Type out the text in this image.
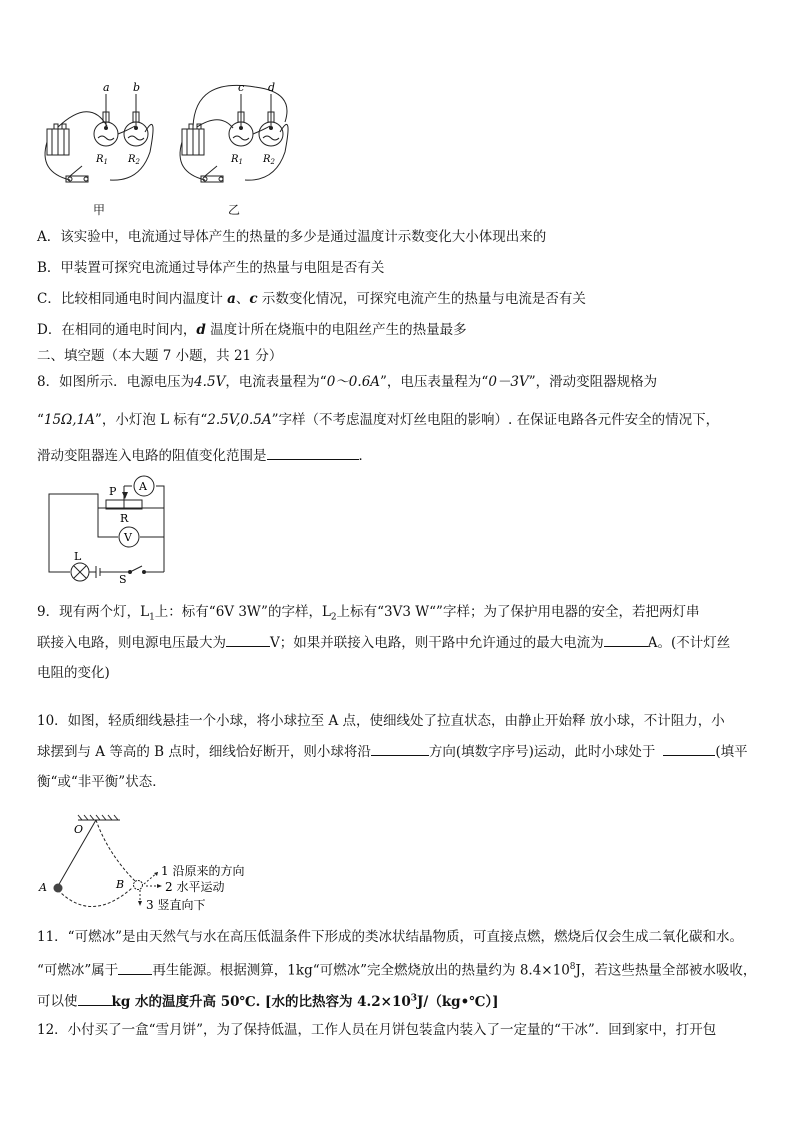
a b
$R_1$ $R_2$
c d
$R_1$ $R_2$
甲	乙
A．该实验中，电流通过导体产生的热量的多少是通过温度计示数变化大小体现出来的
B．甲装置可探究电流通过导体产生的热量与电阻是否有关
C．比较相同通电时间内温度计 a、c 示数变化情况，可探究电流产生的热量与电流是否有关
D．在相同的通电时间内，d 温度计所在烧瓶中的电阻丝产生的热量最多
二、填空题（本大题 7 小题，共 21 分）
8．如图所示．电源电压为4.5V，电流表量程为“0～0.6A”，电压表量程为“0－3V”，滑动变阻器规格为
“15Ω,1A”，小灯泡 L 标有“2.5V,0.5A”字样（不考虑温度对灯丝电阻的影响）. 在保证电路各元件安全的情况下，
滑动变阻器连入电路的阻值变化范围是	．
P
R
A
V
L
S
9．现有两个灯，$L_1$上：标有“6V 3W”的字样，$L_2$上标有“3V3 W“”字样；为了保护用电器的安全，若把两灯串
联接入电路，则电源电压最大为	V；如果并联接入电路，则干路中允许通过的最大电流为	A。(不计灯丝
电阻的变化)
10．如图，轻质细线悬挂一个小球，将小球拉至 A 点，使细线处了拉直状态，由静止开始释 放小球，不计阻力，小
球摆到与 A 等高的 B 点时，细线恰好断开，则小球将沿	方向(填数字序号)运动，此时小球处于	(填平
衡“或“非平衡”状态．
O
A	B
1 沿原来的方向
2 水平运动
3 竖直向下
11．“可燃冰”是由天然气与水在高压低温条件下形成的类冰状结晶物质，可直接点燃，燃烧后仅会生成二氧化碳和水。
“可燃冰”属于	再生能源。根据测算，1kg“可燃冰”完全燃烧放出的热量约为 $8.4\times 10^8J$，若这些热量全部被水吸收，
可以使	kg 水的温度升高 50℃. [水的比热容为 $4.2\times 10^3J/(kg•℃)$]
12．小付买了一盒“雪月饼”，为了保持低温，工作人员在月饼包装盒内装入了一定量的“干冰”．回到家中，打开包
